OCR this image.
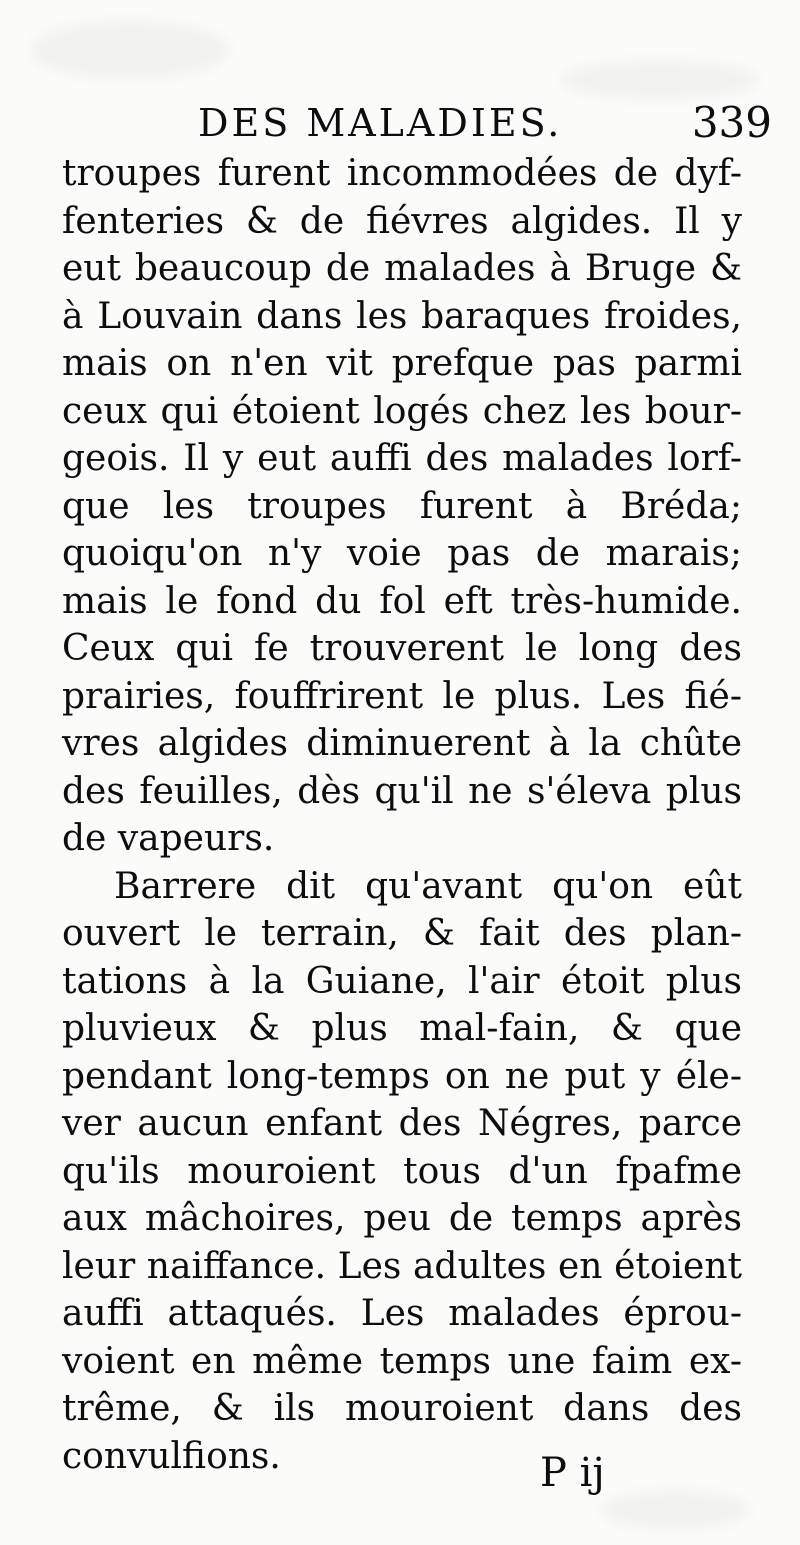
DES MALADIES.	339
troupes furent incommodées de dyf-
fenteries & de fiévres algides. Il y
eut beaucoup de malades à Bruge &
à Louvain dans les baraques froides,
mais on n'en vit prefque pas parmi
ceux qui étoient logés chez les bour-
geois. Il y eut auffi des malades lorf-
que les troupes furent à Bréda;
quoiqu'on n'y voie pas de marais;
mais le fond du fol eft très-humide.
Ceux qui fe trouverent le long des
prairies, fouffrirent le plus. Les fié-
vres algides diminuerent à la chûte
des feuilles, dès qu'il ne s'éleva plus
de vapeurs.
Barrere dit qu'avant qu'on eût
ouvert le terrain, & fait des plan-
tations à la Guiane, l'air étoit plus
pluvieux & plus mal-fain, & que
pendant long-temps on ne put y éle-
ver aucun enfant des Négres, parce
qu'ils mouroient tous d'un fpafme
aux mâchoires, peu de temps après
leur naiffance. Les adultes en étoient
auffi attaqués. Les malades éprou-
voient en même temps une faim ex-
trême, & ils mouroient dans des
convulfions.	P ij
